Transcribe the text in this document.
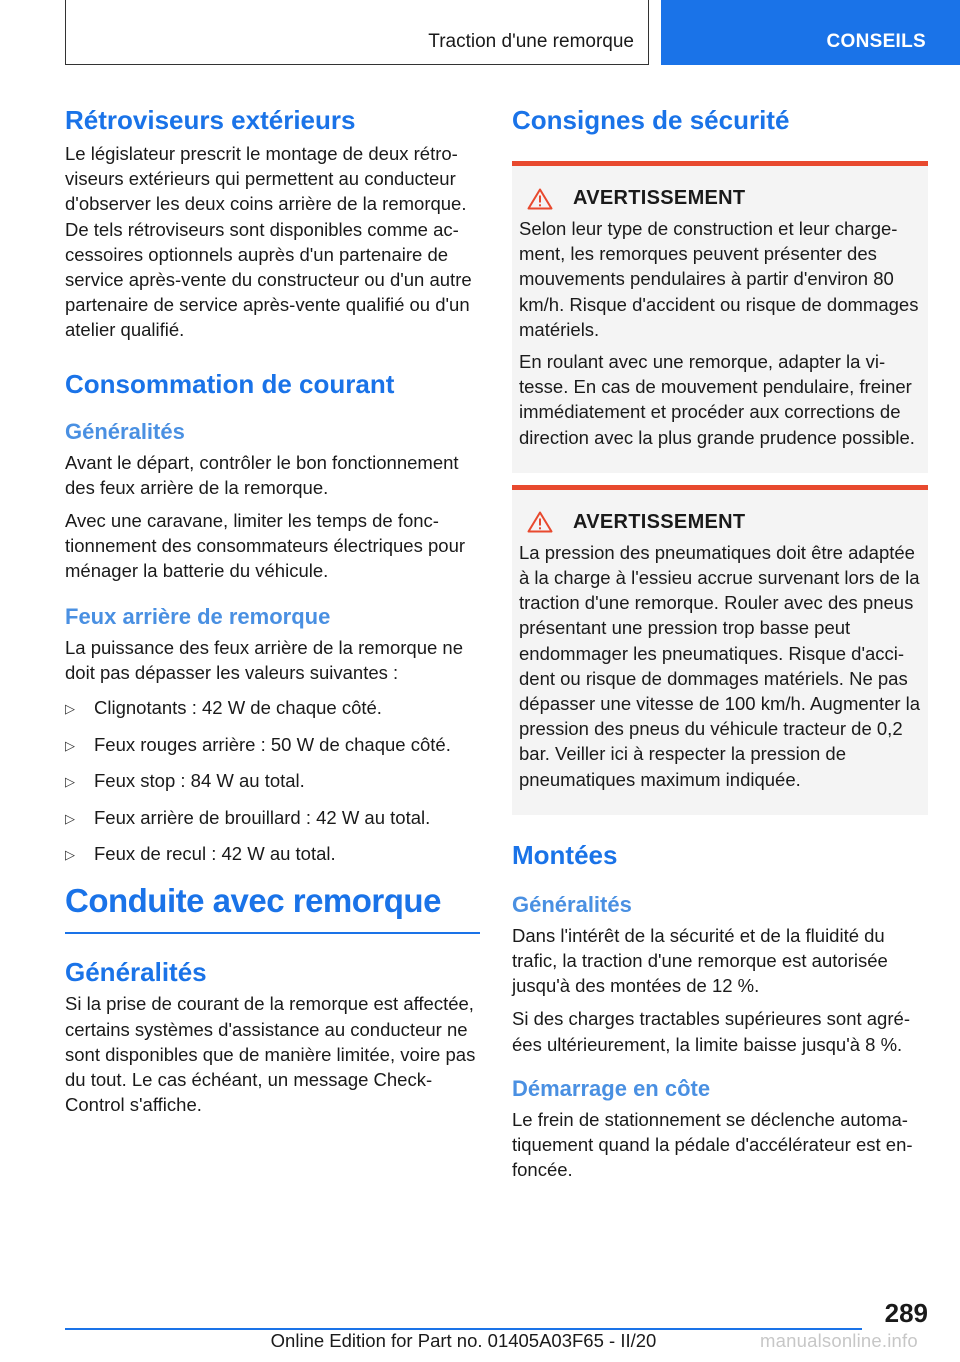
Traction d'une remorque	CONSEILS
Rétroviseurs extérieurs
Le législateur prescrit le montage de deux rétroviseurs extérieurs qui permettent au conducteur d'observer les deux coins arrière de la remorque. De tels rétroviseurs sont disponibles comme accessoires optionnels auprès d'un partenaire de service après-vente du constructeur ou d'un autre partenaire de service après-vente qualifié ou d'un atelier qualifié.
Consommation de courant
Généralités
Avant le départ, contrôler le bon fonctionnement des feux arrière de la remorque.
Avec une caravane, limiter les temps de fonctionnement des consommateurs électriques pour ménager la batterie du véhicule.
Feux arrière de remorque
La puissance des feux arrière de la remorque ne doit pas dépasser les valeurs suivantes :
▷ Clignotants : 42 W de chaque côté.
▷ Feux rouges arrière : 50 W de chaque côté.
▷ Feux stop : 84 W au total.
▷ Feux arrière de brouillard : 42 W au total.
▷ Feux de recul : 42 W au total.
Conduite avec remorque
Généralités
Si la prise de courant de la remorque est affectée, certains systèmes d'assistance au conducteur ne sont disponibles que de manière limitée, voire pas du tout. Le cas échéant, un message Check-Control s'affiche.
Consignes de sécurité
AVERTISSEMENT
Selon leur type de construction et leur chargement, les remorques peuvent présenter des mouvements pendulaires à partir d'environ 80 km/h. Risque d'accident ou risque de dommages matériels.
En roulant avec une remorque, adapter la vitesse. En cas de mouvement pendulaire, freiner immédiatement et procéder aux corrections de direction avec la plus grande prudence possible.
AVERTISSEMENT
La pression des pneumatiques doit être adaptée à la charge à l'essieu accrue survenant lors de la traction d'une remorque. Rouler avec des pneus présentant une pression trop basse peut endommager les pneumatiques. Risque d'accident ou risque de dommages matériels. Ne pas dépasser une vitesse de 100 km/h. Augmenter la pression des pneus du véhicule tracteur de 0,2 bar. Veiller ici à respecter la pression de pneumatiques maximum indiquée.
Montées
Généralités
Dans l'intérêt de la sécurité et de la fluidité du trafic, la traction d'une remorque est autorisée jusqu'à des montées de 12 %.
Si des charges tractables supérieures sont agréées ultérieurement, la limite baisse jusqu'à 8 %.
Démarrage en côte
Le frein de stationnement se déclenche automatiquement quand la pédale d'accélérateur est enfoncée.
289
Online Edition for Part no. 01405A03F65 - II/20	manualsonline.info
